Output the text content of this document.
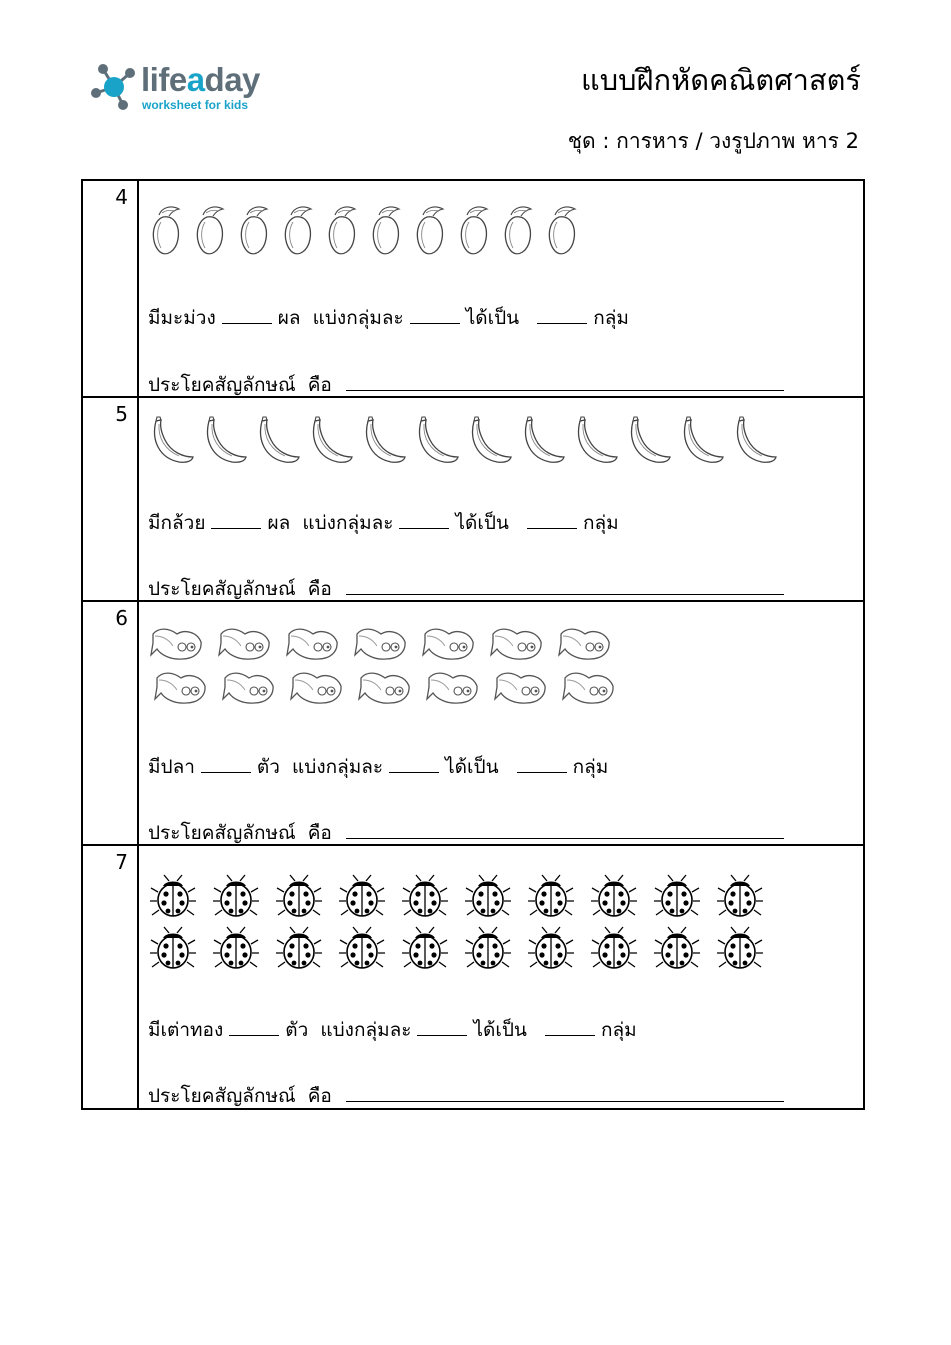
lifeaday
worksheet for kids
แบบฝึกหัดคณิตศาสตร์
ชุด : การหาร / วงรูปภาพ หาร 2
4	มีมะม่วง ผล แบ่งกลุ่มละ ได้เป็น กลุ่ม
ประโยคสัญลักษณ์ คือ

5	มีกล้วย ผล แบ่งกลุ่มละ ได้เป็น กลุ่ม
ประโยคสัญลักษณ์ คือ

6	มีปลา ตัว แบ่งกลุ่มละ ได้เป็น กลุ่ม
ประโยคสัญลักษณ์ คือ

7	มีเต่าทอง ตัว แบ่งกลุ่มละ ได้เป็น กลุ่ม
ประโยคสัญลักษณ์ คือ
